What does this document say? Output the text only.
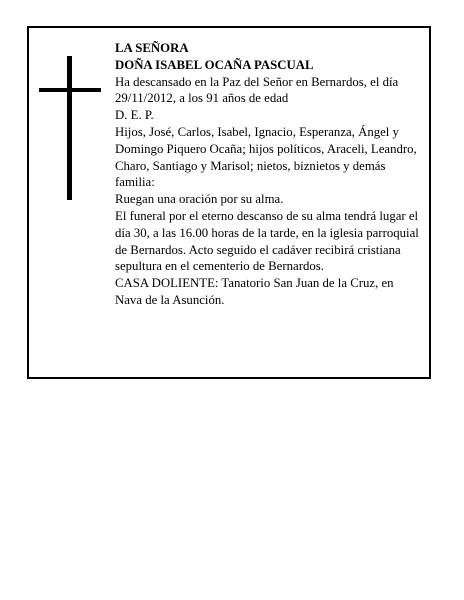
LA SEÑORA
DOÑA ISABEL OCAÑA PASCUAL
Ha descansado en la Paz del Señor en Bernardos, el día 29/11/2012, a los 91 años de edad
D. E. P.
Hijos, José, Carlos, Isabel, Ignacio, Esperanza, Ángel y Domingo Piquero Ocaña; hijos políticos, Araceli, Leandro, Charo, Santiago y Marisol; nietos, biznietos y demás familia:
Ruegan una oración por su alma.
El funeral por el eterno descanso de su alma tendrá lugar el día 30, a las 16.00 horas de la tarde, en la iglesia parroquial de Bernardos. Acto seguido el cadáver recibirá cristiana sepultura en el cementerio de Bernardos.
CASA DOLIENTE: Tanatorio San Juan de la Cruz, en Nava de la Asunción.
